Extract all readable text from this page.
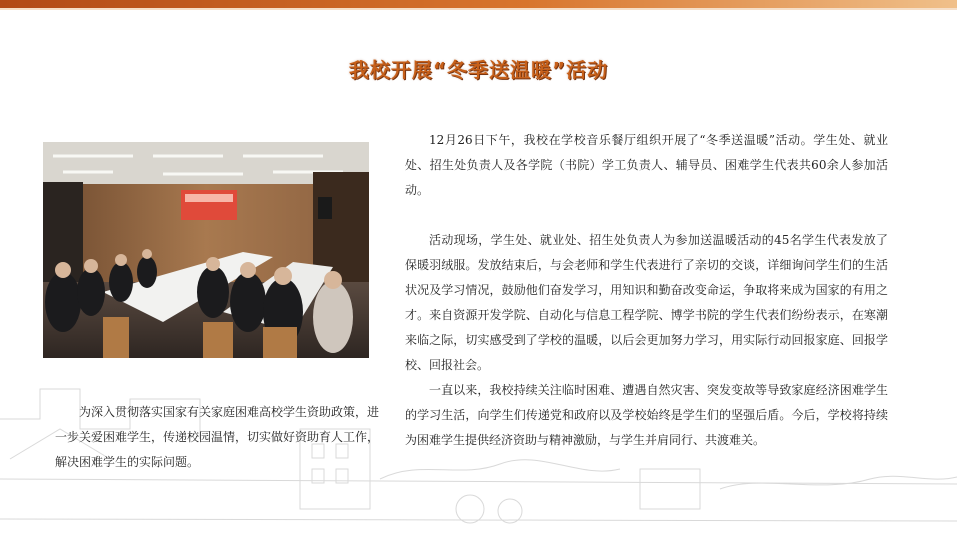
我校开展“冬季送温暖”活动

为深入贯彻落实国家有关家庭困难高校学生资助政策，进一步关爱困难学生，传递校园温情，切实做好资助育人工作，解决困难学生的实际问题。

12月26日下午，我校在学校音乐餐厅组织开展了“冬季送温暖”活动。学生处、就业处、招生处负责人及各学院（书院）学工负责人、辅导员、困难学生代表共60余人参加活动。

活动现场，学生处、就业处、招生处负责人为参加送温暖活动的45名学生代表发放了保暖羽绒服。发放结束后，与会老师和学生代表进行了亲切的交谈，详细询问学生们的生活状况及学习情况，鼓励他们奋发学习，用知识和勤奋改变命运，争取将来成为国家的有用之才。来自资源开发学院、自动化与信息工程学院、博学书院的学生代表们纷纷表示，在寒潮来临之际，切实感受到了学校的温暖，以后会更加努力学习，用实际行动回报家庭、回报学校、回报社会。

一直以来，我校持续关注临时困难、遭遇自然灾害、突发变故等导致家庭经济困难学生的学习生活，向学生们传递党和政府以及学校始终是学生们的坚强后盾。今后，学校将持续为困难学生提供经济资助与精神激励，与学生并肩同行、共渡难关。
